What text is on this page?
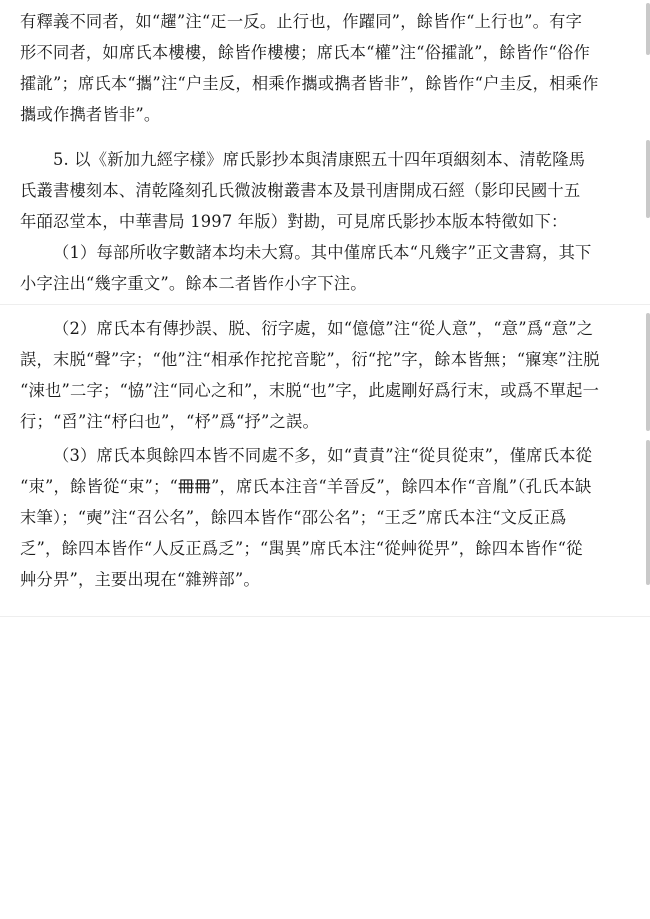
有釋義不同者，如“趯”注“𤴓一反。止行也，作躍同”，餘皆作“上行也”。有字

形不同者，如席氏本樓樓，餘皆作樓樓；席氏本“權”注“俗攉訛”，餘皆作“俗作

攉訛”；席氏本“攜”注“户圭反，相乘作攜或擕者皆非”，餘皆作“户圭反，相乘作

攜或作擕者皆非”。

5. 以《新加九經字樣》席氏影抄本與清康熙五十四年項絪刻本、清乾隆馬

氏叢書樓刻本、清乾隆刻孔氏微波榭叢書本及景刊唐開成石經（影印民國十五

年皕忍堂本，中華書局 1997 年版）對勘，可見席氏影抄本版本特徵如下：

（1）每部所收字數諸本均未大寫。其中僅席氏本“凡幾字”正文書寫，其下

小字注出“幾字重文”。餘本二者皆作小字下注。

（2）席氏本有傳抄誤、脱、衍字處，如“億億”注“從人意”，“意”爲“意”之

誤，末脱“聲”字；“他”注“相承作拕拕音駝”，衍“拕”字，餘本皆無；“寱寒”注脱

“涑也”二字；“恊”注“同心之和”，末脱“也”字，此處剛好爲行末，或爲不單起一

行；“舀”注“杼臼也”，“杼”爲“抒”之誤。

（3）席氏本與餘四本皆不同處不多，如“責責”注“從貝從朿”，僅席氏本從

“朿”，餘皆從“束”；“𠕋𠕋”，席氏本注音“羊晉反”，餘四本作“音胤”（孔氏本缺

末筆）；“奭”注“召公名”，餘四本皆作“邵公名”；“王乏”席氏本注“文反正爲

乏”，餘四本皆作“人反正爲乏”；“𦦔異”席氏本注“從艸從畀”，餘四本皆作“從

艸分畀”，主要出現在“雜辨部”。
